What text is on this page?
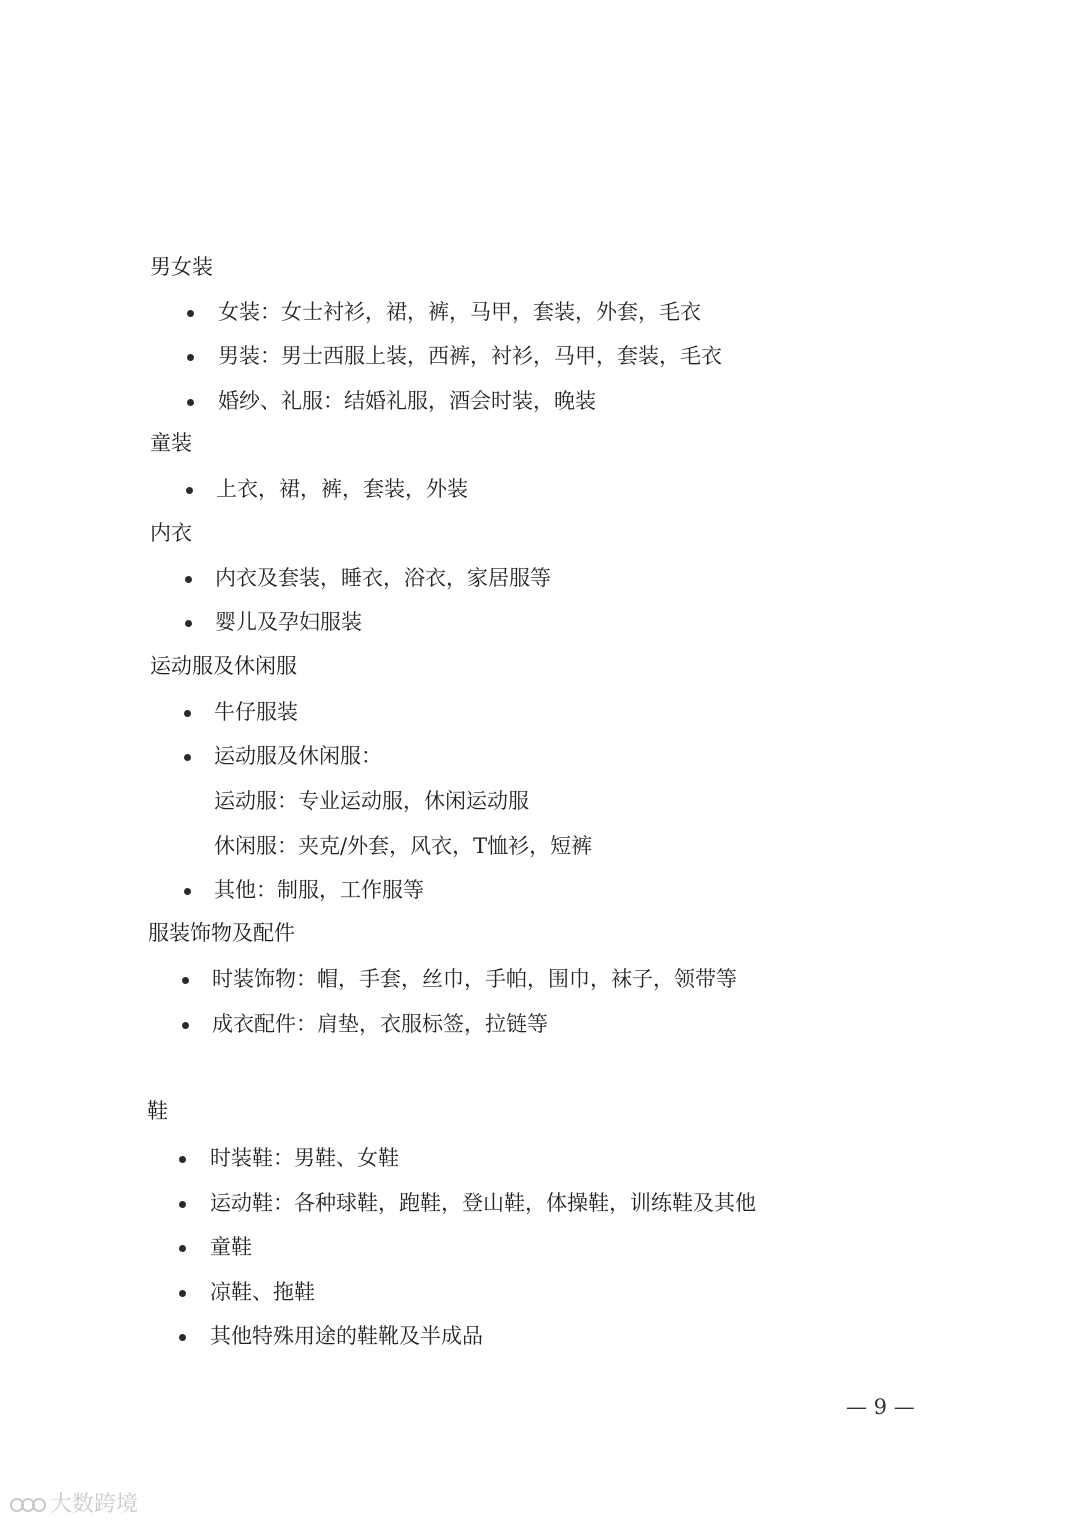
男女装

女装：女士衬衫，裙，裤，马甲，套装，外套，毛衣

男装：男士西服上装，西裤，衬衫，马甲，套装，毛衣

婚纱、礼服：结婚礼服，酒会时装，晚装

童装

上衣，裙，裤，套装，外装

内衣

内衣及套装，睡衣，浴衣，家居服等

婴儿及孕妇服装

运动服及休闲服

牛仔服装

运动服及休闲服：

运动服：专业运动服，休闲运动服

休闲服：夹克/外套，风衣，T恤衫，短裤

其他：制服，工作服等

服装饰物及配件

时装饰物：帽，手套，丝巾，手帕，围巾，袜子，领带等

成衣配件：肩垫，衣服标签，拉链等

鞋

时装鞋：男鞋、女鞋

运动鞋：各种球鞋，跑鞋，登山鞋，体操鞋，训练鞋及其他

童鞋

凉鞋、拖鞋

其他特殊用途的鞋靴及半成品

— 9 —
大数跨境
